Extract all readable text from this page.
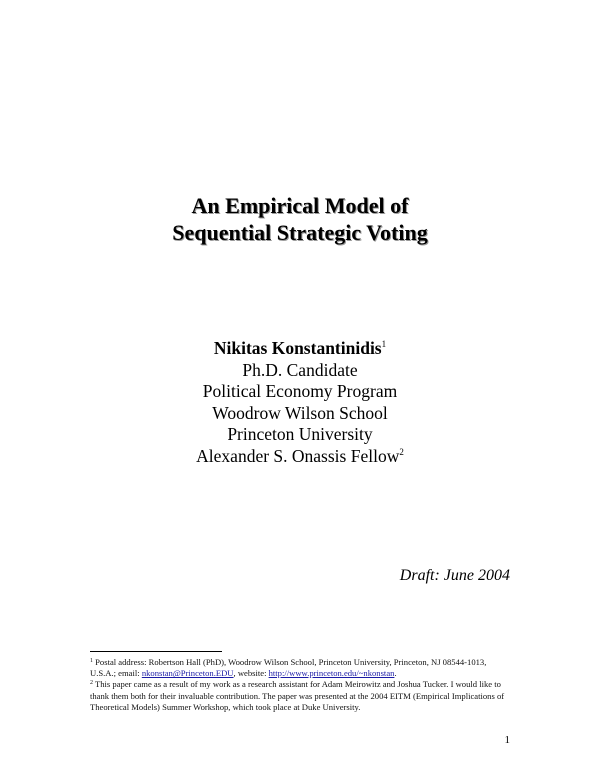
An Empirical Model of
Sequential Strategic Voting
Nikitas Konstantinidis$^1$
Ph.D. Candidate
Political Economy Program
Woodrow Wilson School
Princeton University
Alexander S. Onassis Fellow$^2$
Draft: June 2004
$^1$ Postal address: Robertson Hall (PhD), Woodrow Wilson School, Princeton University, Princeton, NJ 08544-1013, U.S.A.; email: nkonstan@Princeton.EDU, website: http://www.princeton.edu/~nkonstan.
$^2$ This paper came as a result of my work as a research assistant for Adam Meirowitz and Joshua Tucker. I would like to thank them both for their invaluable contribution. The paper was presented at the 2004 EITM (Empirical Implications of Theoretical Models) Summer Workshop, which took place at Duke University.
1
